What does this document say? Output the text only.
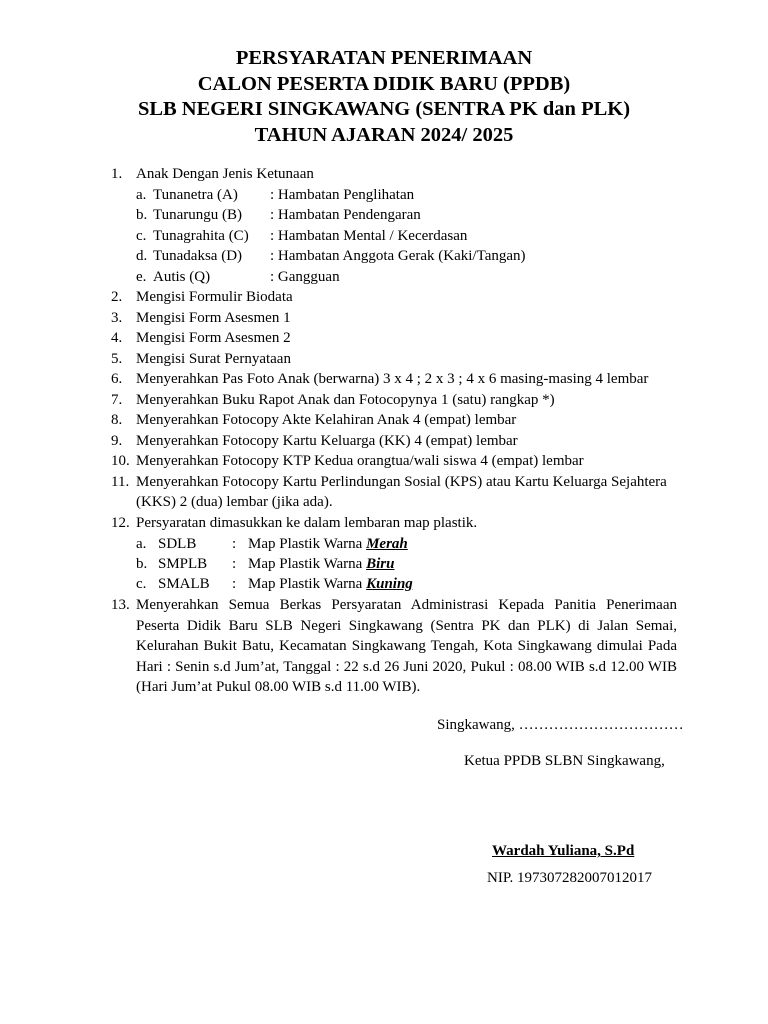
PERSYARATAN PENERIMAAN
CALON PESERTA DIDIK BARU (PPDB)
SLB NEGERI SINGKAWANG (SENTRA PK dan PLK)
TAHUN AJARAN 2024/ 2025
1. Anak Dengan Jenis Ketunaan
a. Tunanetra (A) : Hambatan Penglihatan
b. Tunarungu (B) : Hambatan Pendengaran
c. Tunagrahita (C) : Hambatan Mental / Kecerdasan
d. Tunadaksa (D) : Hambatan Anggota Gerak (Kaki/Tangan)
e. Autis (Q)	: Gangguan
2. Mengisi Formulir Biodata
3. Mengisi Form Asesmen 1
4. Mengisi Form Asesmen 2
5. Mengisi Surat Pernyataan
6. Menyerahkan Pas Foto Anak (berwarna) 3 x 4 ; 2 x 3 ; 4 x 6 masing-masing 4 lembar
7. Menyerahkan Buku Rapot Anak dan Fotocopynya 1 (satu) rangkap *)
8. Menyerahkan Fotocopy Akte Kelahiran Anak 4 (empat) lembar
9. Menyerahkan Fotocopy Kartu Keluarga (KK) 4 (empat) lembar
10. Menyerahkan Fotocopy KTP Kedua orangtua/wali siswa 4 (empat) lembar
11. Menyerahkan Fotocopy Kartu Perlindungan Sosial (KPS) atau Kartu Keluarga Sejahtera
(KKS) 2 (dua) lembar (jika ada).
12. Persyaratan dimasukkan ke dalam lembaran map plastik.
a. SDLB : Map Plastik Warna Merah
b. SMPLB : Map Plastik Warna Biru
c. SMALB : Map Plastik Warna Kuning
13. Menyerahkan Semua Berkas Persyaratan Administrasi Kepada Panitia Penerimaan Peserta Didik Baru SLB Negeri Singkawang (Sentra PK dan PLK) di Jalan Semai, Kelurahan Bukit Batu, Kecamatan Singkawang Tengah, Kota Singkawang dimulai Pada Hari : Senin s.d Jum’at, Tanggal : 22 s.d 26 Juni 2020, Pukul : 08.00 WIB s.d 12.00 WIB (Hari Jum’at Pukul 08.00 WIB s.d 11.00 WIB).
Singkawang, ……………………………
Ketua PPDB SLBN Singkawang,
Wardah Yuliana, S.Pd
NIP. 197307282007012017
